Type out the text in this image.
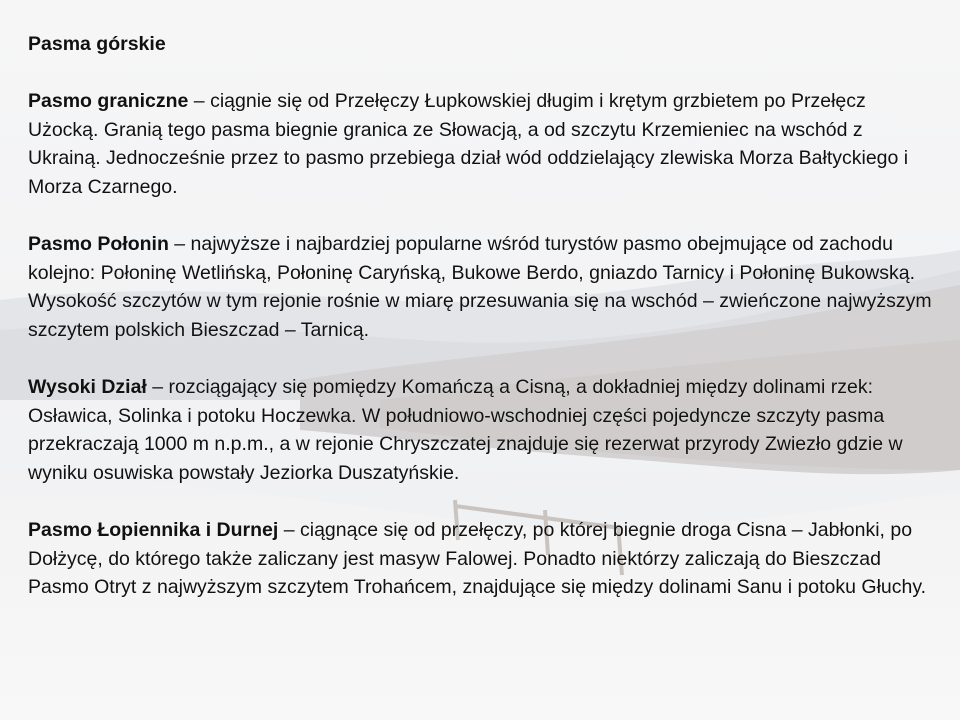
Pasma górskie

Pasmo graniczne – ciągnie się od Przełęczy Łupkowskiej długim i krętym grzbietem po Przełęcz Użocką. Granią tego pasma biegnie granica ze Słowacją, a od szczytu Krzemieniec na wschód z Ukrainą. Jednocześnie przez to pasmo przebiega dział wód oddzielający zlewiska Morza Bałtyckiego i Morza Czarnego.

Pasmo Połonin – najwyższe i najbardziej popularne wśród turystów pasmo obejmujące od zachodu kolejno: Połoninę Wetlińską, Połoninę Caryńską, Bukowe Berdo, gniazdo Tarnicy i Połoninę Bukowską. Wysokość szczytów w tym rejonie rośnie w miarę przesuwania się na wschód – zwieńczone najwyższym szczytem polskich Bieszczad – Tarnicą.

Wysoki Dział – rozciągający się pomiędzy Komańczą a Cisną, a dokładniej między dolinami rzek: Osławica, Solinka i potoku Hoczewka. W południowo-wschodniej części pojedyncze szczyty pasma przekraczają 1000 m n.p.m., a w rejonie Chryszczatej znajduje się rezerwat przyrody Zwiezło gdzie w wyniku osuwiska powstały Jeziorka Duszatyńskie.

Pasmo Łopiennika i Durnej – ciągnące się od przełęczy, po której biegnie droga Cisna – Jabłonki, po Dołżycę, do którego także zaliczany jest masyw Falowej. Ponadto niektórzy zaliczają do Bieszczad Pasmo Otryt z najwyższym szczytem Trohańcem, znajdujące się między dolinami Sanu i potoku Głuchy.
